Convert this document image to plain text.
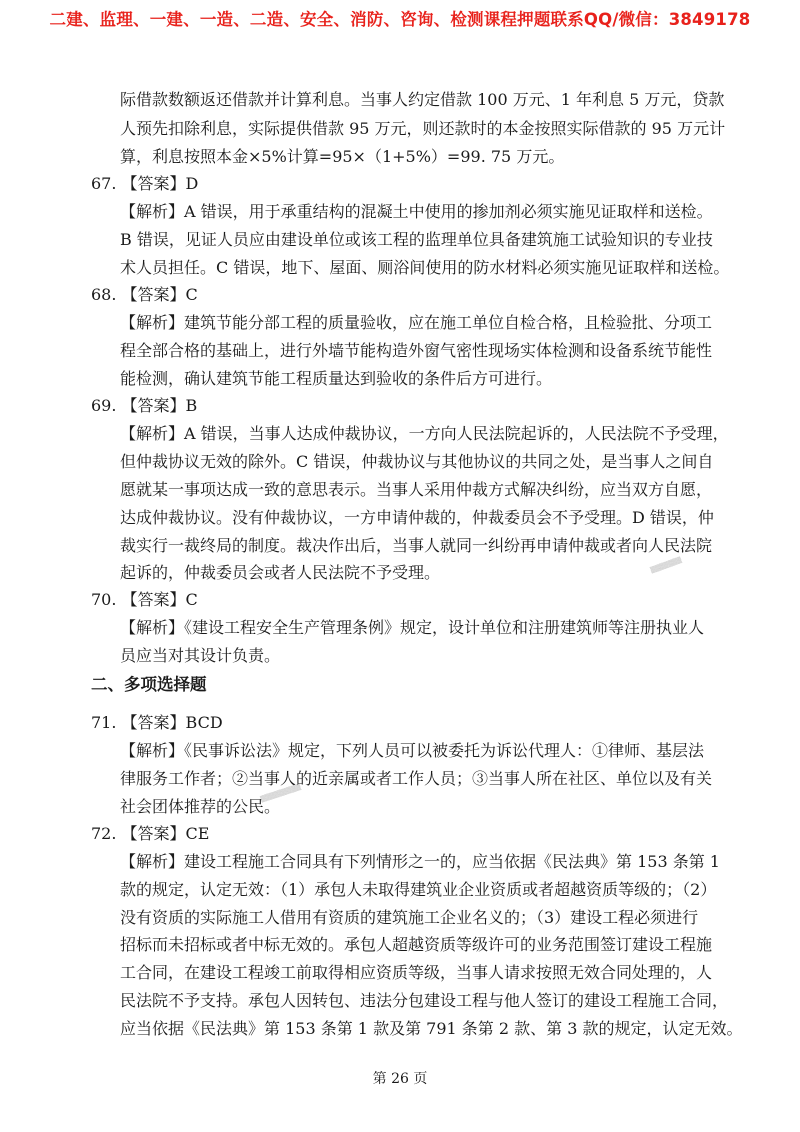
二建、监理、一建、一造、二造、安全、消防、咨询、检测课程押题联系QQ/微信：3849178
际借款数额返还借款并计算利息。当事人约定借款 100 万元、1 年利息 5 万元，贷款
人预先扣除利息，实际提供借款 95 万元，则还款时的本金按照实际借款的 95 万元计
算，利息按照本金×5%计算=95×（1+5%）=99. 75 万元。
67. 【答案】D
【解析】A 错误，用于承重结构的混凝土中使用的掺加剂必须实施见证取样和送检。
B 错误，见证人员应由建设单位或该工程的监理单位具备建筑施工试验知识的专业技
术人员担任。C 错误，地下、屋面、厕浴间使用的防水材料必须实施见证取样和送检。
68. 【答案】C
【解析】建筑节能分部工程的质量验收，应在施工单位自检合格，且检验批、分项工
程全部合格的基础上，进行外墙节能构造外窗气密性现场实体检测和设备系统节能性
能检测，确认建筑节能工程质量达到验收的条件后方可进行。
69. 【答案】B
【解析】A 错误，当事人达成仲裁协议，一方向人民法院起诉的，人民法院不予受理，
但仲裁协议无效的除外。C 错误，仲裁协议与其他协议的共同之处，是当事人之间自
愿就某一事项达成一致的意思表示。当事人采用仲裁方式解决纠纷，应当双方自愿，
达成仲裁协议。没有仲裁协议，一方申请仲裁的，仲裁委员会不予受理。D 错误，仲
裁实行一裁终局的制度。裁决作出后，当事人就同一纠纷再申请仲裁或者向人民法院
起诉的，仲裁委员会或者人民法院不予受理。
70. 【答案】C
【解析】《建设工程安全生产管理条例》规定，设计单位和注册建筑师等注册执业人
员应当对其设计负责。
二、多项选择题
71. 【答案】BCD
【解析】《民事诉讼法》规定，下列人员可以被委托为诉讼代理人：①律师、基层法
律服务工作者；②当事人的近亲属或者工作人员；③当事人所在社区、单位以及有关
社会团体推荐的公民。
72. 【答案】CE
【解析】建设工程施工合同具有下列情形之一的，应当依据《民法典》第 153 条第 1
款的规定，认定无效：（1）承包人未取得建筑业企业资质或者超越资质等级的；（2）
没有资质的实际施工人借用有资质的建筑施工企业名义的；（3）建设工程必须进行
招标而未招标或者中标无效的。承包人超越资质等级许可的业务范围签订建设工程施
工合同，在建设工程竣工前取得相应资质等级，当事人请求按照无效合同处理的，人
民法院不予支持。承包人因转包、违法分包建设工程与他人签订的建设工程施工合同，
应当依据《民法典》第 153 条第 1 款及第 791 条第 2 款、第 3 款的规定，认定无效。
第 26 页
▒▒▒▒▒▒▒
▒▒▒▒▒▒▒▒▒
